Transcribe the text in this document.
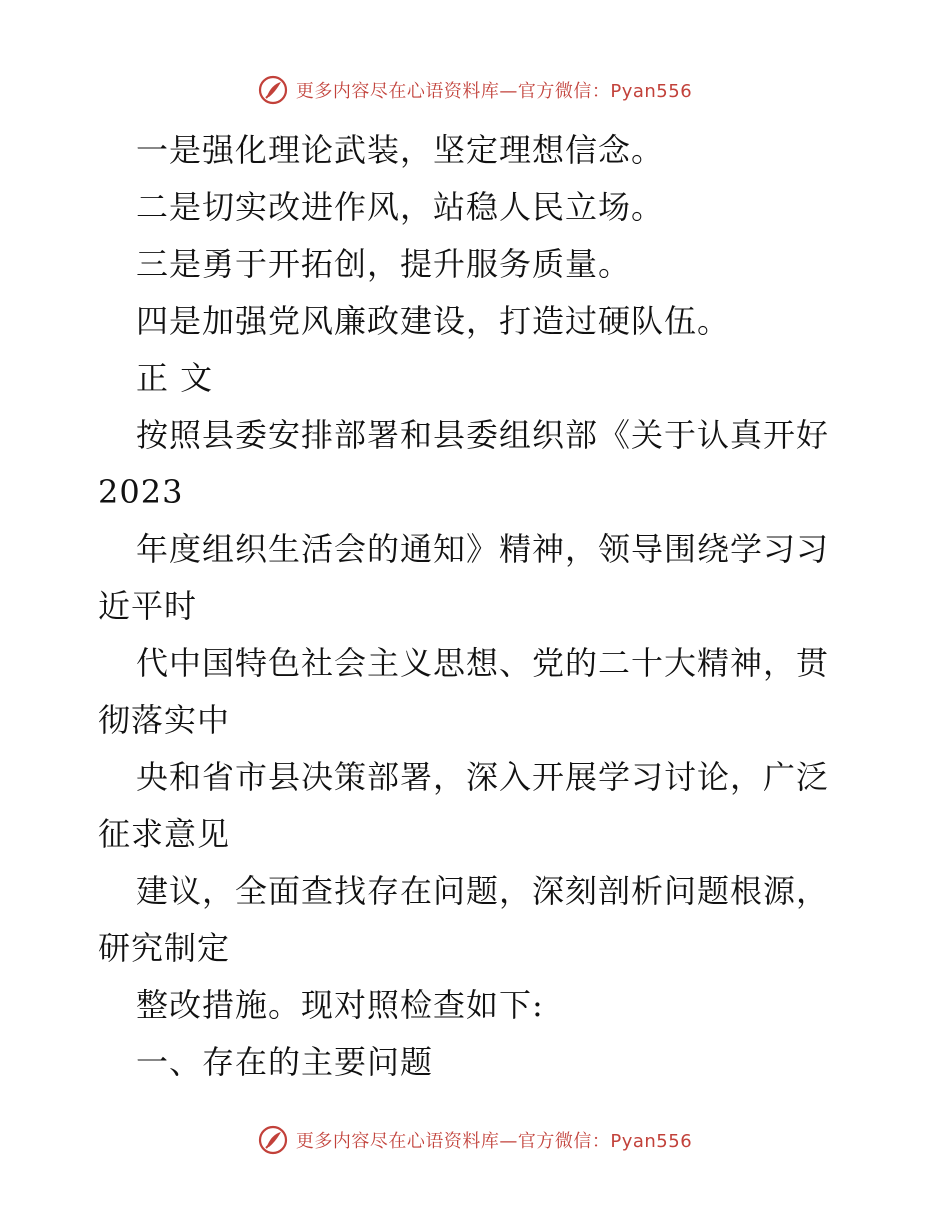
更多内容尽在心语资料库—官方微信：Pyan556
一是强化理论武装，坚定理想信念。
二是切实改进作风，站稳人民立场。
三是勇于开拓创，提升服务质量。
四是加强党风廉政建设，打造过硬队伍。
正 文
按照县委安排部署和县委组织部《关于认真开好
2023
年度组织生活会的通知》精神，领导围绕学习习
近平时
代中国特色社会主义思想、党的二十大精神，贯
彻落实中
央和省市县决策部署，深入开展学习讨论，广泛
征求意见
建议，全面查找存在问题，深刻剖析问题根源，
研究制定
整改措施。现对照检查如下:
一、存在的主要问题
更多内容尽在心语资料库—官方微信：Pyan556
